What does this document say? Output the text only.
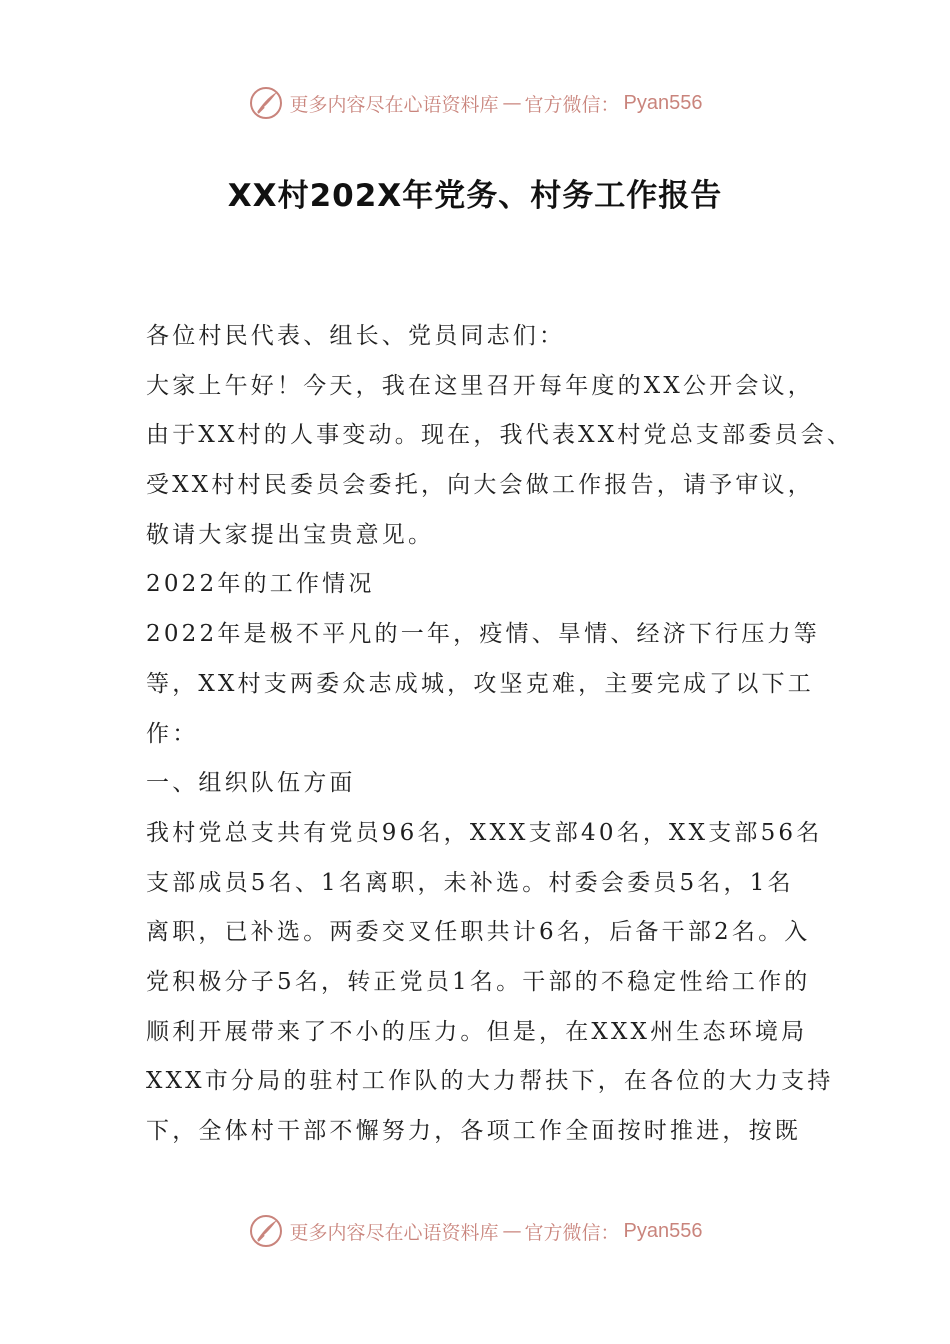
更多内容尽在心语资料库 — 官方微信： Pyan556
XX村202X年党务、村务工作报告
各位村民代表、组长、党员同志们：
大家上午好！今天，我在这里召开每年度的XX公开会议，
由于XX村的人事变动。现在，我代表XX村党总支部委员会、
受XX村村民委员会委托，向大会做工作报告，请予审议，
敬请大家提出宝贵意见。
2022年的工作情况
2022年是极不平凡的一年，疫情、旱情、经济下行压力等
等，XX村支两委众志成城，攻坚克难，主要完成了以下工
作：
一、组织队伍方面
我村党总支共有党员96名，XXX支部40名，XX支部56名
支部成员5名、1名离职，未补选。村委会委员5名，1名
离职，已补选。两委交叉任职共计6名，后备干部2名。入
党积极分子5名，转正党员1名。干部的不稳定性给工作的
顺利开展带来了不小的压力。但是，在XXX州生态环境局
XXX市分局的驻村工作队的大力帮扶下，在各位的大力支持
下，全体村干部不懈努力，各项工作全面按时推进，按既
更多内容尽在心语资料库 — 官方微信： Pyan556
